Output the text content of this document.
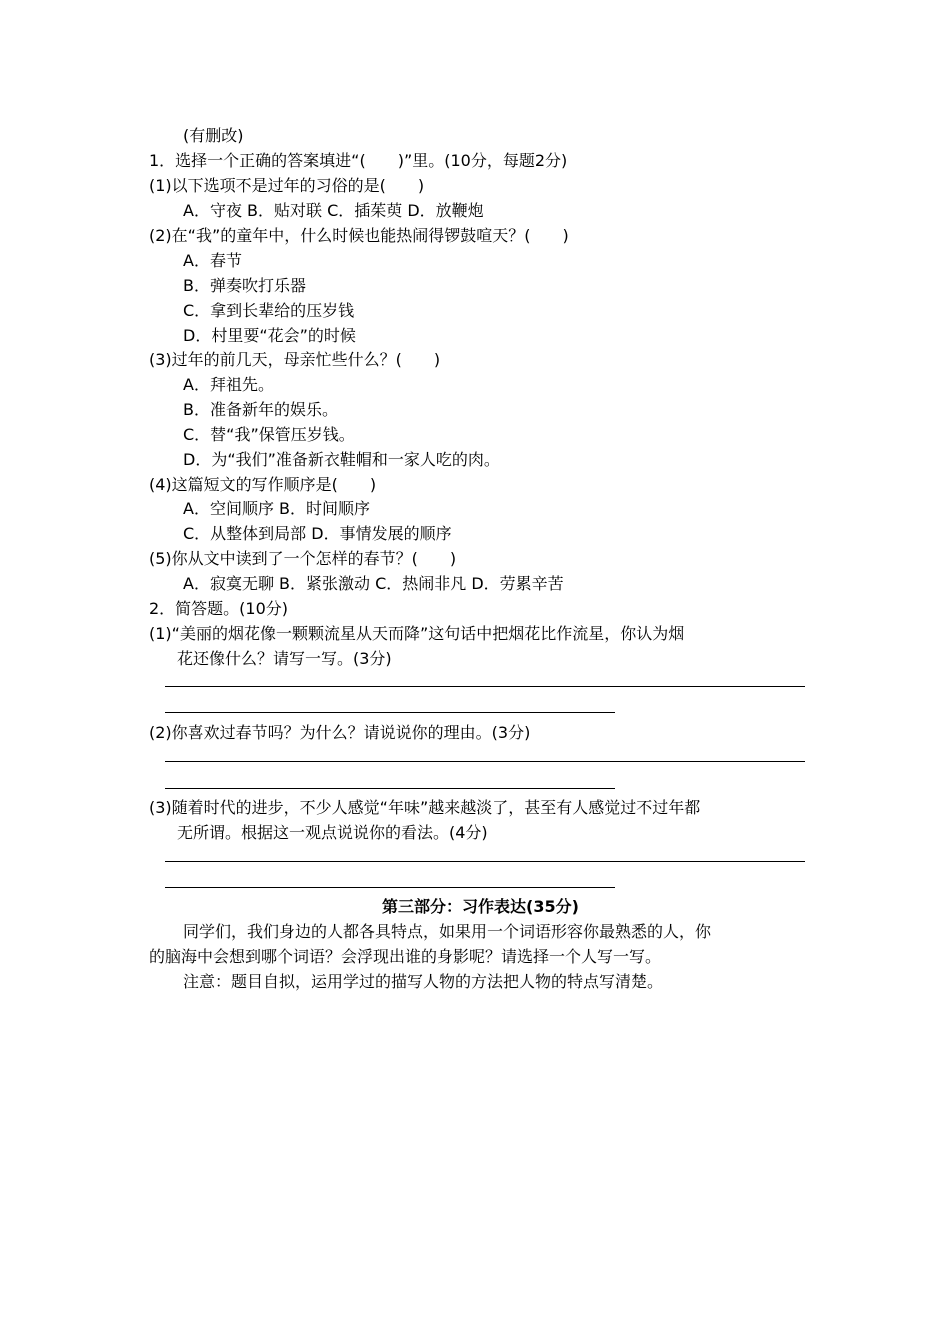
(有删改)
1．选择一个正确的答案填进“(　　)”里。(10分，每题2分)
(1)以下选项不是过年的习俗的是(　　)
A．守夜 B．贴对联 C．插茱萸 D．放鞭炮
(2)在“我”的童年中，什么时候也能热闹得锣鼓喧天？(　　)
A．春节
B．弹奏吹打乐器
C．拿到长辈给的压岁钱
D．村里要“花会”的时候
(3)过年的前几天，母亲忙些什么？(　　)
A．拜祖先。
B．准备新年的娱乐。
C．替“我”保管压岁钱。
D．为“我们”准备新衣鞋帽和一家人吃的肉。
(4)这篇短文的写作顺序是(　　)
A．空间顺序 B．时间顺序
C．从整体到局部 D．事情发展的顺序
(5)你从文中读到了一个怎样的春节？(　　)
A．寂寞无聊 B．紧张激动 C．热闹非凡 D．劳累辛苦
2．简答题。(10分)
(1)“美丽的烟花像一颗颗流星从天而降”这句话中把烟花比作流星，你认为烟
花还像什么？请写一写。(3分)
(2)你喜欢过春节吗？为什么？请说说你的理由。(3分)
(3)随着时代的进步，不少人感觉“年味”越来越淡了，甚至有人感觉过不过年都
无所谓。根据这一观点说说你的看法。(4分)
第三部分：习作表达(35分)
同学们，我们身边的人都各具特点，如果用一个词语形容你最熟悉的人，你
的脑海中会想到哪个词语？会浮现出谁的身影呢？请选择一个人写一写。
注意：题目自拟，运用学过的描写人物的方法把人物的特点写清楚。
